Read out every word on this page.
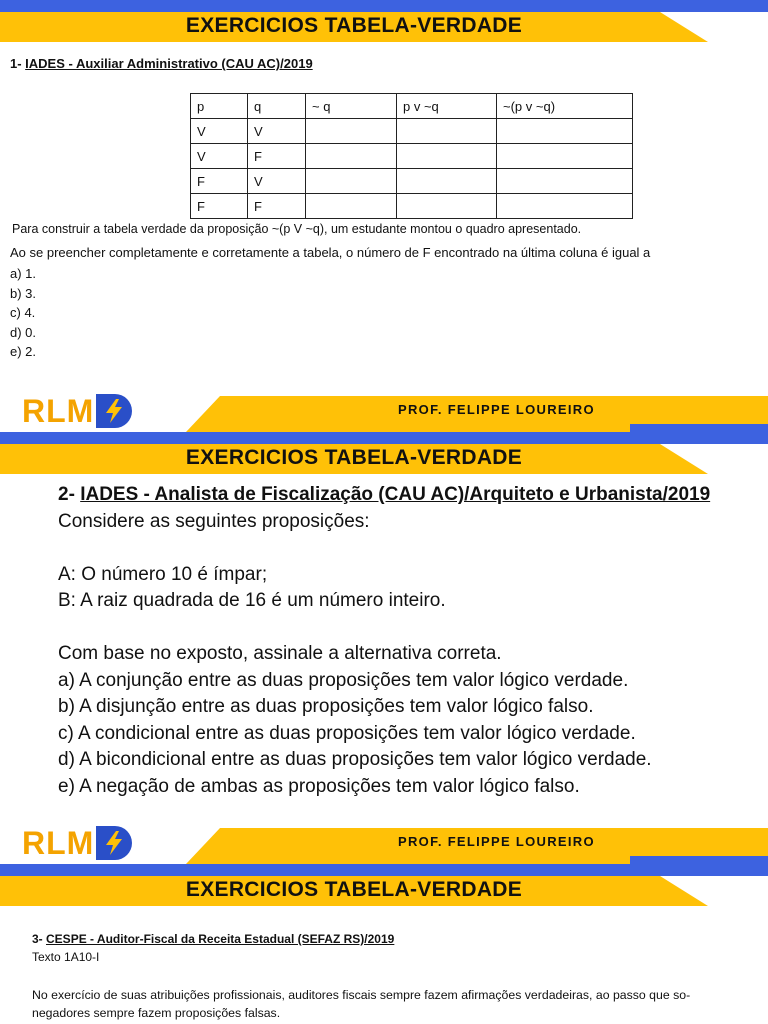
EXERCICIOS TABELA-VERDADE
1- IADES - Auxiliar Administrativo (CAU AC)/2019
p	q	~ q	p v ~q	~(p v ~q)
V	V			
V	F			
F	V			
F	F			
Para construir a tabela verdade da proposição ~(p V ~q), um estudante montou o quadro apresentado.
Ao se preencher completamente e corretamente a tabela, o número de F encontrado na última coluna é igual a
a) 1.
b) 3.
c) 4.
d) 0.
e) 2.
RLM	PROF. FELIPPE LOUREIRO
EXERCICIOS TABELA-VERDADE
2- IADES - Analista de Fiscalização (CAU AC)/Arquiteto e Urbanista/2019
Considere as seguintes proposições:
A: O número 10 é ímpar;
B: A raiz quadrada de 16 é um número inteiro.
Com base no exposto, assinale a alternativa correta.
a) A conjunção entre as duas proposições tem valor lógico verdade.
b) A disjunção entre as duas proposições tem valor lógico falso.
c) A condicional entre as duas proposições tem valor lógico verdade.
d) A bicondicional entre as duas proposições tem valor lógico verdade.
e) A negação de ambas as proposições tem valor lógico falso.
RLM	PROF. FELIPPE LOUREIRO
EXERCICIOS TABELA-VERDADE
3- CESPE - Auditor-Fiscal da Receita Estadual (SEFAZ RS)/2019
Texto 1A10-I
No exercício de suas atribuições profissionais, auditores fiscais sempre fazem afirmações verdadeiras, ao passo que so-negadores sempre fazem proposições falsas.
